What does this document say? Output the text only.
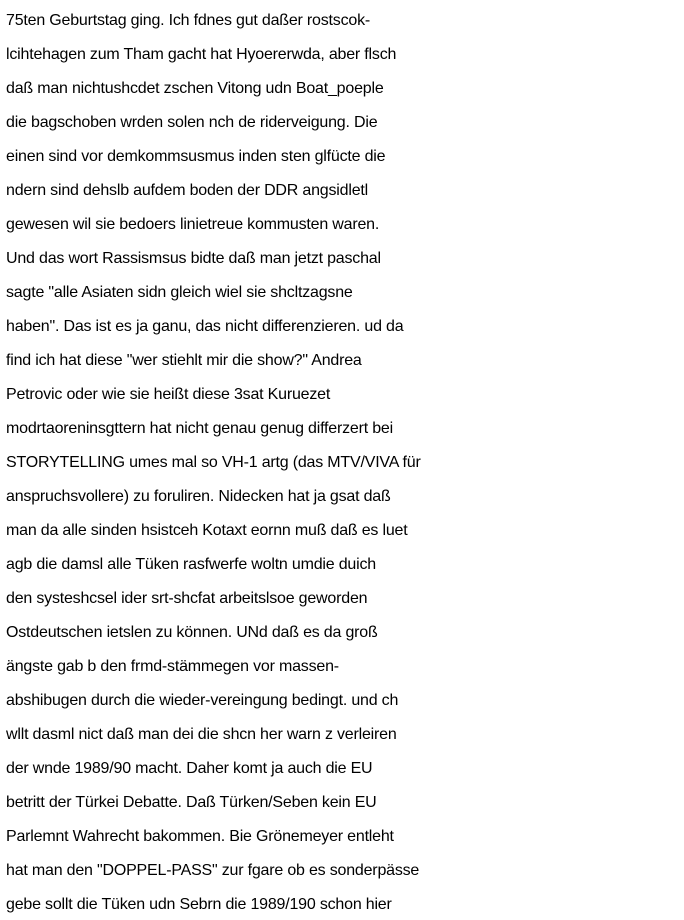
75ten Geburtstag ging. Ich fdnes gut daßer rostscok-
lcihtehagen zum Tham gacht hat Hyoererwda, aber flsch
daß man nichtushcdet zschen Vitong udn Boat_poeple
die bagschoben wrden solen nch de riderveigung. Die
einen sind vor demkommsusmus inden sten glfücte die
ndern sind dehslb aufdem boden der DDR angsidletl
gewesen wil sie bedoers linietreue kommusten waren.
Und das wort Rassismsus bidte daß man jetzt paschal
sagte "alle Asiaten sidn gleich wiel sie shcltzagsne
haben". Das ist es ja ganu, das nicht differenzieren. ud da
find ich hat diese "wer stiehlt mir die show?" Andrea
Petrovic oder wie sie heißt diese 3sat Kuruezet
modrtaoreninsgttern hat nicht genau genug differzert bei
STORYTELLING umes mal so VH-1 artg (das MTV/VIVA für
anspruchsvollere) zu foruliren. Nidecken hat ja gsat daß
man da alle sinden hsistceh Kotaxt eornn muß daß es luet
agb die damsl alle Tüken rasfwerfe woltn umdie duich
den systeshcsel ider srt-shcfat arbeitslsoe geworden
Ostdeutschen ietslen zu können. UNd daß es da groß
ängste gab b den frmd-stämmegen vor massen-
abshibugen durch die wieder-vereingung bedingt. und ch
wllt dasml nict daß man dei die shcn her warn z verleiren
der wnde 1989/90 macht. Daher komt ja auch die EU
betritt der Türkei Debatte. Daß Türken/Seben kein EU
Parlemnt Wahrecht bakommen. Bie Grönemeyer entleht
hat man den "DOPPEL-PASS" zur fgare ob es sonderpässe
gebe sollt die Tüken udn Sebrn die 1989/190 schon hier
